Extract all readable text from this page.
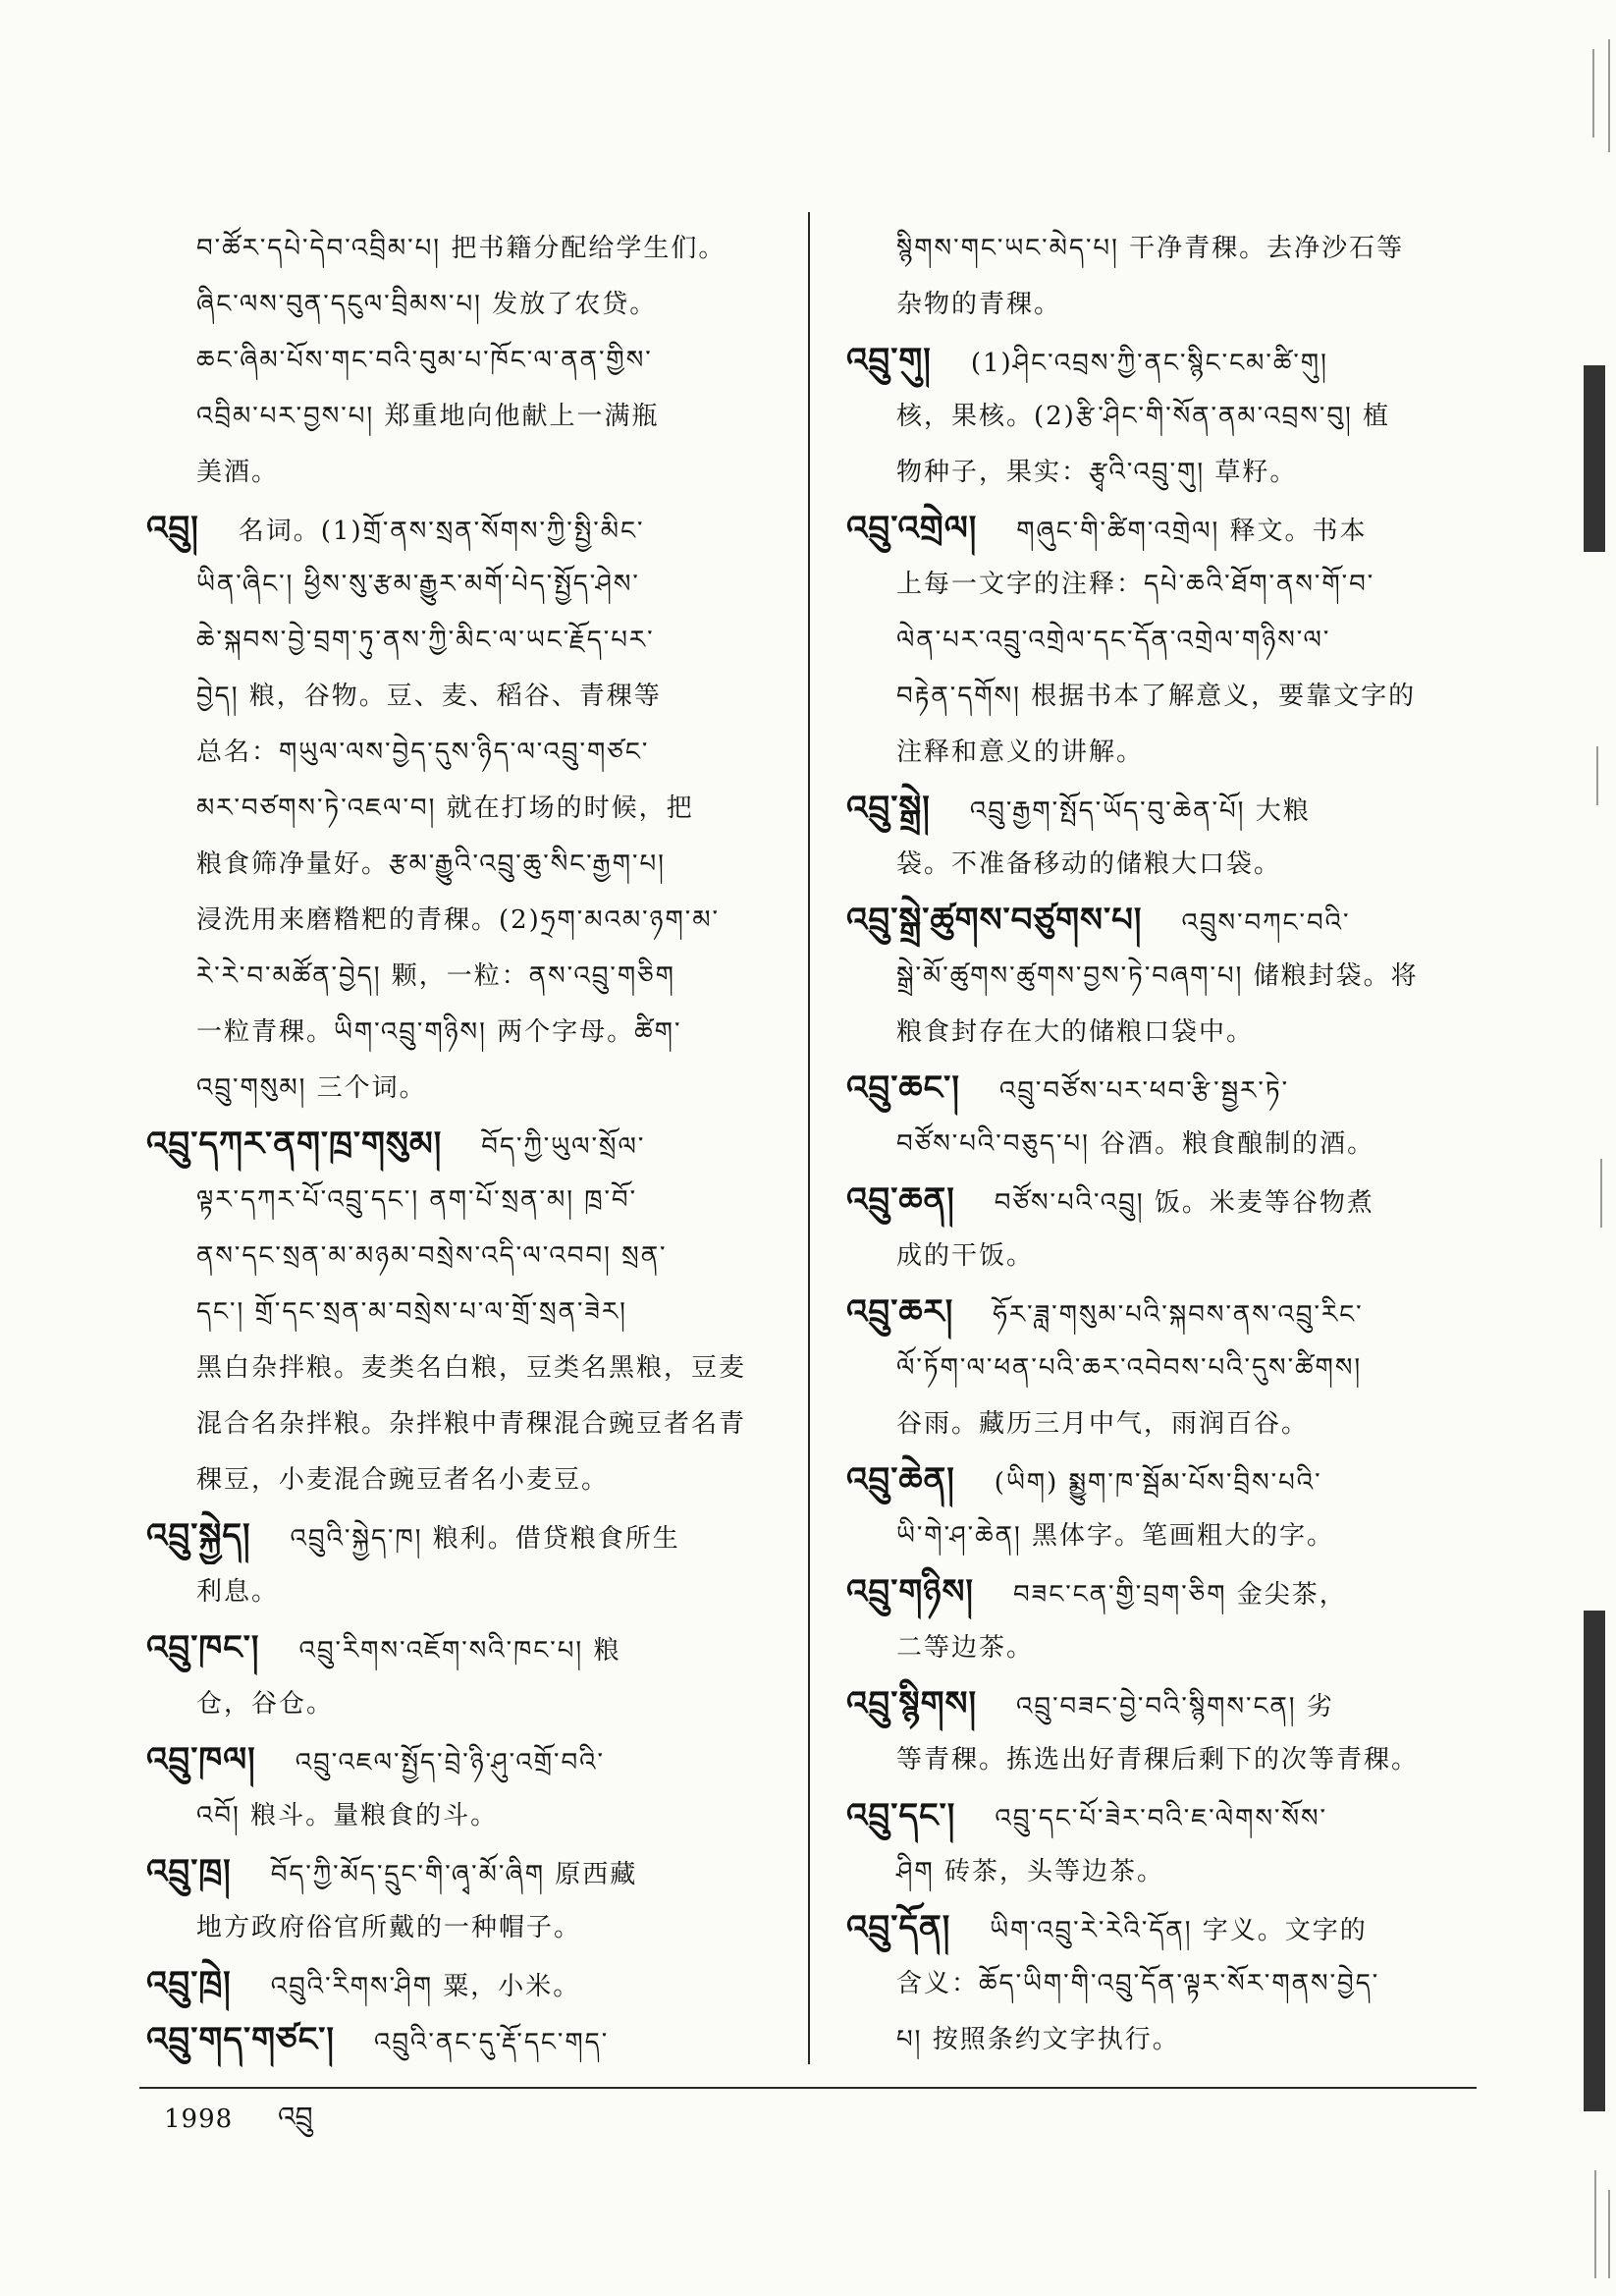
བ་ཚོར་དཔེ་དེབ་འབྲིམ་པ། 把书籍分配给学生们。
ཞིང་ལས་བུན་དངུལ་བྲིམས་པ། 发放了农贷。
ཆང་ཞིམ་པོས་གང་བའི་བུམ་པ་ཁོང་ལ་ནན་གྱིས་
འབྲིམ་པར་བྱས་པ། 郑重地向他献上一满瓶
美酒。
འབྲུ། 名词。(1)གྲོ་ནས་སྲན་སོགས་ཀྱི་སྤྱི་མིང་
ཡིན་ཞིང་། ཕྱིས་སུ་རྩམ་རྒྱུར་མགོ་པེད་སྤྱོད་ཤེས་
ཆེ་སྐབས་བྱེ་བྲག་ཏུ་ནས་ཀྱི་མིང་ལ་ཡང་རྗོད་པར་
བྱེད། 粮，谷物。豆、麦、稻谷、青稞等
总名：གཡུལ་ལས་བྱེད་དུས་ཉིད་ལ་འབྲུ་གཙང་
མར་བཙགས་ཏེ་འཇལ་བ། 就在打场的时候，把
粮食筛净量好。རྩམ་རྒྱུའི་འབྲུ་ཆུ་སིང་རྒྱག་པ།
浸洗用来磨糌粑的青稞。(2)ཧྲག་མའམ་ཉག་མ་
རེ་རེ་བ་མཚོན་བྱེད། 颗，一粒：ནས་འབྲུ་གཅིག
一粒青稞。ཡིག་འབྲུ་གཉིས། 两个字母。ཚིག་
འབྲུ་གསུམ། 三个词。
འབྲུ་དཀར་ནག་ཁྲ་གསུམ། བོད་ཀྱི་ཡུལ་སྲོལ་
ལྟར་དཀར་པོ་འབྲུ་དང་། ནག་པོ་སྲན་མ། ཁྲ་བོ་
ནས་དང་སྲན་མ་མཉམ་བསྲེས་འདི་ལ་འབབ། སྲན་
དང་། གྲོ་དང་སྲན་མ་བསྲེས་པ་ལ་གྲོ་སྲན་ཟེར།
黑白杂拌粮。麦类名白粮，豆类名黑粮，豆麦
混合名杂拌粮。杂拌粮中青稞混合豌豆者名青
稞豆，小麦混合豌豆者名小麦豆。
འབྲུ་སྐྱེད། འབྲུའི་སྐྱེད་ཁ། 粮利。借贷粮食所生
利息。
འབྲུ་ཁང་། འབྲུ་རིགས་འཇོག་སའི་ཁང་པ། 粮
仓，谷仓。
འབྲུ་ཁལ། འབྲུ་འཇལ་སྤྱོད་བྲེ་ཉི་ཤུ་འགྲོ་བའི་
འབོ། 粮斗。量粮食的斗。
འབྲུ་ཁྲ། བོད་ཀྱི་མོད་དྲུང་གི་ཞྭ་མོ་ཞིག 原西藏
地方政府俗官所戴的一种帽子。
འབྲུ་ཁྲེ། འབྲུའི་རིགས་ཤིག 粟，小米。
འབྲུ་གད་གཙང་། འབྲུའི་ནང་དུ་རྡོ་དང་གད་
སྙིགས་གང་ཡང་མེད་པ། 干净青稞。去净沙石等
杂物的青稞。
འབྲུ་གུ། (1)ཤིང་འབྲས་ཀྱི་ནང་སྙིང་ངམ་ཚི་གུ།
核，果核。(2)རྩི་ཤིང་གི་སོན་ནམ་འབྲས་བུ། 植
物种子，果实：རྩྭའི་འབྲུ་གུ། 草籽。
འབྲུ་འགྲེལ། གཞུང་གི་ཚིག་འགྲེལ། 释文。书本
上每一文字的注释：དཔེ་ཆའི་ཐོག་ནས་གོ་བ་
ལེན་པར་འབྲུ་འགྲེལ་དང་དོན་འགྲེལ་གཉིས་ལ་
བརྟེན་དགོས། 根据书本了解意义，要靠文字的
注释和意义的讲解。
འབྲུ་སྒྲེ། འབྲུ་རྒྱག་སྤོད་ཡོད་བུ་ཆེན་པོ། 大粮
袋。不准备移动的储粮大口袋。
འབྲུ་སྒྲེ་ཚུགས་བཙུགས་པ། འབྲུས་བཀང་བའི་
སྒྲེ་མོ་ཚུགས་ཚུགས་བྱས་ཏེ་བཞག་པ། 储粮封袋。将
粮食封存在大的储粮口袋中。
འབྲུ་ཆང་། འབྲུ་བཙོས་པར་ཕབ་རྩི་སྦྱར་ཏེ་
བཙོས་པའི་བཅུད་པ། 谷酒。粮食酿制的酒。
འབྲུ་ཆན། བཙོས་པའི་འབྲུ། 饭。米麦等谷物煮
成的干饭。
འབྲུ་ཆར། ཧོར་ཟླ་གསུམ་པའི་སྐབས་ནས་འབྲུ་རིང་
ལོ་ཏོག་ལ་ཕན་པའི་ཆར་འབེབས་པའི་དུས་ཚིགས།
谷雨。藏历三月中气，雨润百谷。
འབྲུ་ཆེན། (ཡིག) སྨྱུག་ཁ་སྦོམ་པོས་བྲིས་པའི་
ཡི་གེ་ཤ་ཆེན། 黑体字。笔画粗大的字。
འབྲུ་གཉིས། བཟང་ངན་གྱི་བྲག་ཅིག 金尖茶，
二等边茶。
འབྲུ་སྙིགས། འབྲུ་བཟང་བྱེ་བའི་སྙིགས་ངན། 劣
等青稞。拣选出好青稞后剩下的次等青稞。
འབྲུ་དང་། འབྲུ་དང་པོ་ཟེར་བའི་ཇ་ལེགས་སོས་
ཤིག 砖茶，头等边茶。
འབྲུ་དོན། ཡིག་འབྲུ་རེ་རེའི་དོན། 字义。文字的
含义：ཆོད་ཡིག་གི་འབྲུ་དོན་ལྟར་སོར་གནས་བྱེད་
པ། 按照条约文字执行。
1998 འབྲུ
